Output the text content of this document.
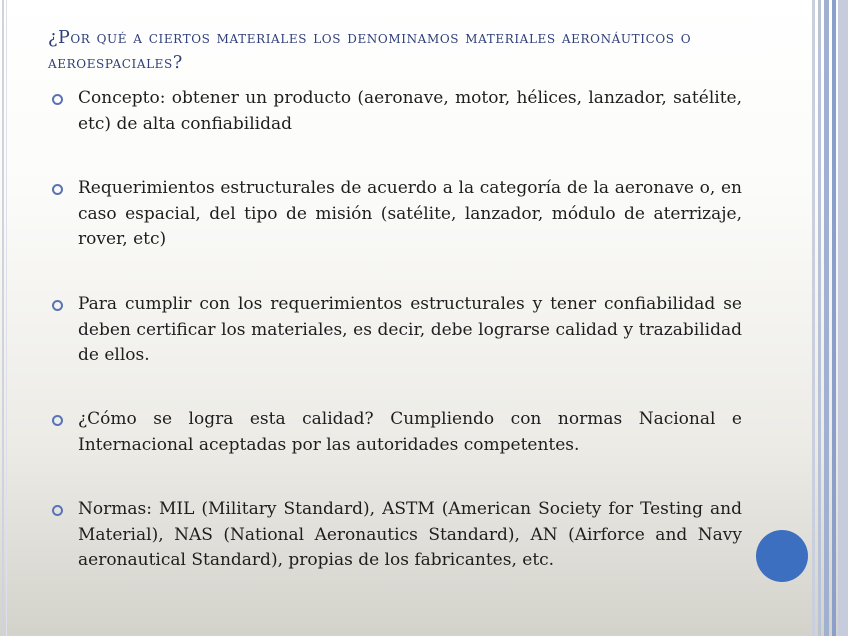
¿Por qué a ciertos materiales los denominamos materiales aeronáuticos o aeroespaciales?
Concepto: obtener un producto (aeronave, motor, hélices, lanzador, satélite, etc) de alta confiabilidad
Requerimientos estructurales de acuerdo a la categoría de la aeronave o, en caso espacial, del tipo de misión (satélite, lanzador, módulo de aterrizaje, rover, etc)
Para cumplir con los requerimientos estructurales y tener confiabilidad se deben certificar los materiales, es decir, debe lograrse calidad y trazabilidad de ellos.
¿Cómo se logra esta calidad? Cumpliendo con normas Nacional e Internacional aceptadas por las autoridades competentes.
Normas: MIL (Military Standard), ASTM (American Society for Testing and Material), NAS (National Aeronautics Standard), AN (Airforce and Navy aeronautical Standard), propias de los fabricantes, etc.
